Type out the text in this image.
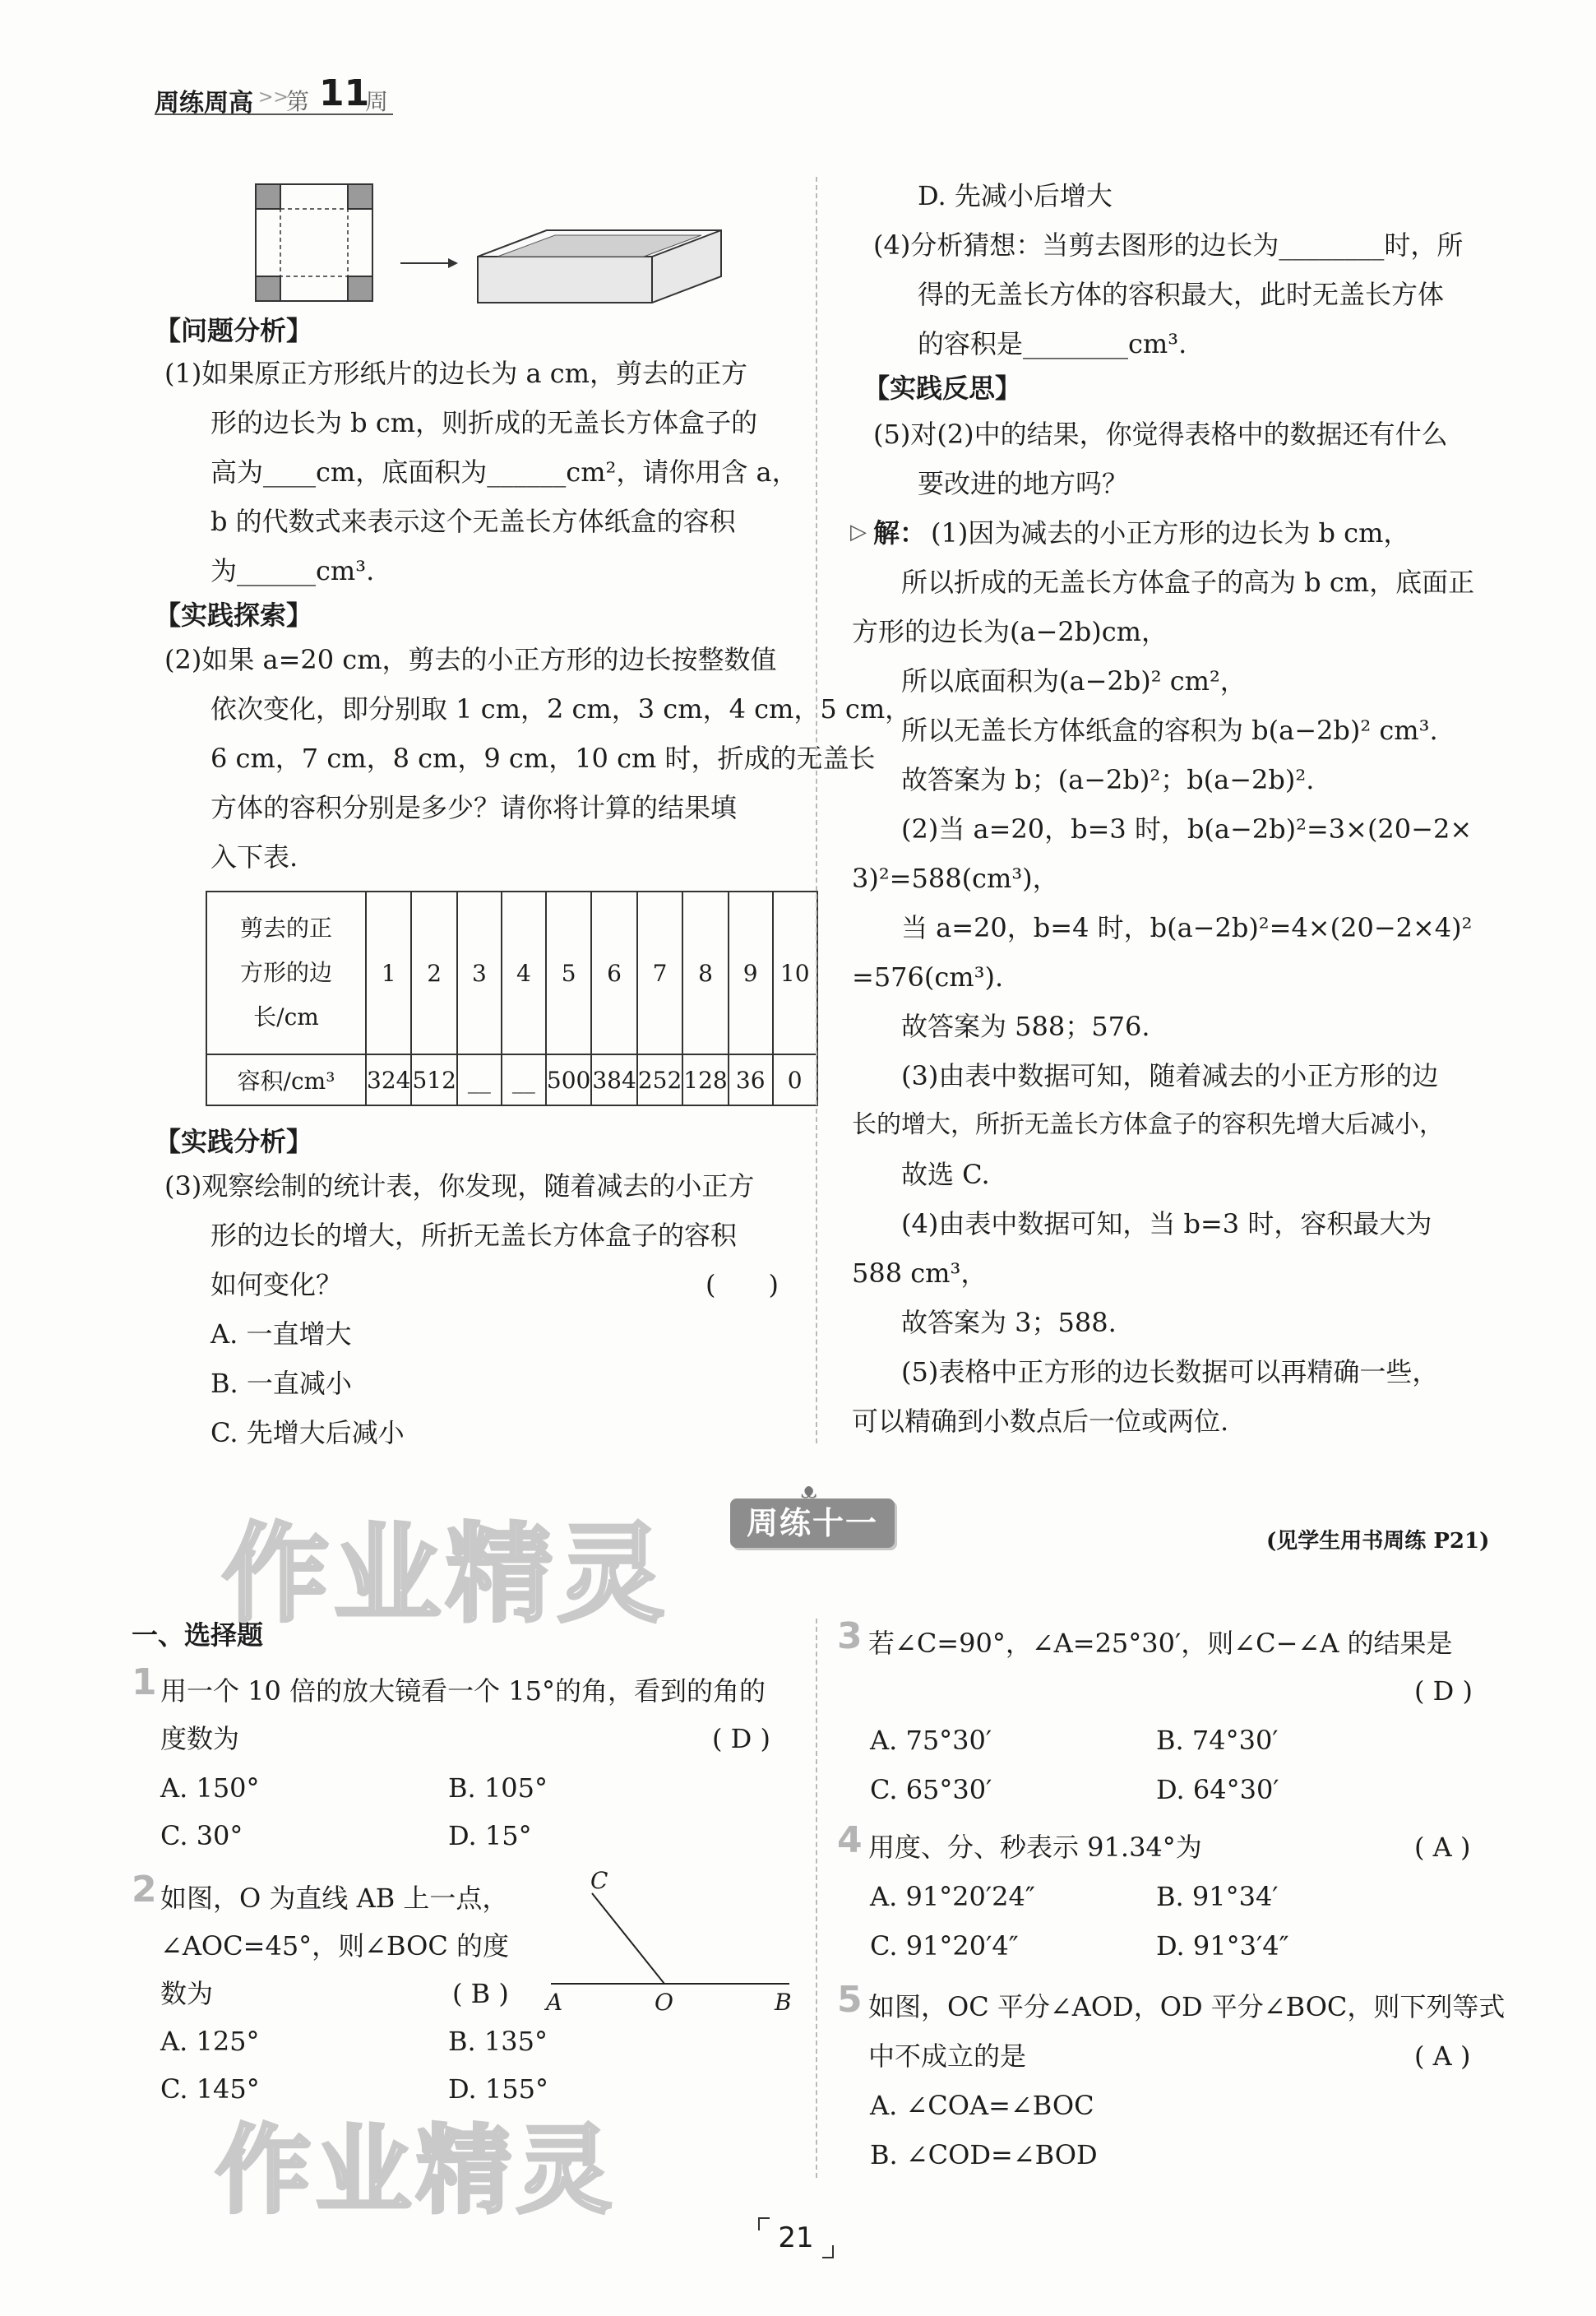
周练周高 >>
第 11
周
【问题分析】
(1)如果原正方形纸片的边长为 a cm，剪去的正方
形的边长为 b cm，则折成的无盖长方体盒子的
高为____cm，底面积为______cm²，请你用含 a，
b 的代数式来表示这个无盖长方体纸盒的容积
为______cm³.
【实践探索】
(2)如果 a=20 cm，剪去的小正方形的边长按整数值
依次变化，即分别取 1 cm，2 cm，3 cm，4 cm，5 cm，
6 cm，7 cm，8 cm，9 cm，10 cm 时，折成的无盖长
方体的容积分别是多少？请你将计算的结果填
入下表.
剪去的正
方形的边
长/cm	1	2	3	4	5	6	7	8	9	10
容积/cm³	324	512	__	__	500	384	252	128	36	0
【实践分析】
(3)观察绘制的统计表，你发现，随着减去的小正方
形的边长的增大，所折无盖长方体盒子的容积
如何变化？	(　　)
A. 一直增大
B. 一直减小
C. 先增大后减小
D. 先减小后增大
(4)分析猜想：当剪去图形的边长为________时，所
得的无盖长方体的容积最大，此时无盖长方体
的容积是________cm³.
【实践反思】
(5)对(2)中的结果，你觉得表格中的数据还有什么
要改进的地方吗？
▷ 解： (1)因为减去的小正方形的边长为 b cm，
所以折成的无盖长方体盒子的高为 b cm，底面正
方形的边长为(a−2b)cm，
所以底面积为(a−2b)² cm²，
所以无盖长方体纸盒的容积为 b(a−2b)² cm³.
故答案为 b；(a−2b)²；b(a−2b)².
(2)当 a=20，b=3 时，b(a−2b)²=3×(20−2×
3)²=588(cm³)，
当 a=20，b=4 时，b(a−2b)²=4×(20−2×4)²
=576(cm³).
故答案为 588；576.
(3)由表中数据可知，随着减去的小正方形的边
长的增大，所折无盖长方体盒子的容积先增大后减小，
故选 C.
(4)由表中数据可知，当 b=3 时，容积最大为
588 cm³，
故答案为 3；588.
(5)表格中正方形的边长数据可以再精确一些，
可以精确到小数点后一位或两位.
作业精灵
ᴥ
周练十一	(见学生用书周练 P21)
一、选择题
1 用一个 10 倍的放大镜看一个 15°的角，看到的角的
度数为	( D )
A. 150°	B. 105°
C. 30°	D. 15°
2 如图，O 为直线 AB 上一点，
∠AOC=45°，则∠BOC 的度
数为	( B )
A. 125°	B. 135°
C. 145°	D. 155°
C
A	O	B
3 若∠C=90°，∠A=25°30′，则∠C−∠A 的结果是
( D )
A. 75°30′	B. 74°30′
C. 65°30′	D. 64°30′
4 用度、分、秒表示 91.34°为	( A )
A. 91°20′24″	B. 91°34′
C. 91°20′4″	D. 91°3′4″
5 如图，OC 平分∠AOD，OD 平分∠BOC，则下列等式
中不成立的是	( A )
A. ∠COA=∠BOC
B. ∠COD=∠BOD
作业精灵
21
